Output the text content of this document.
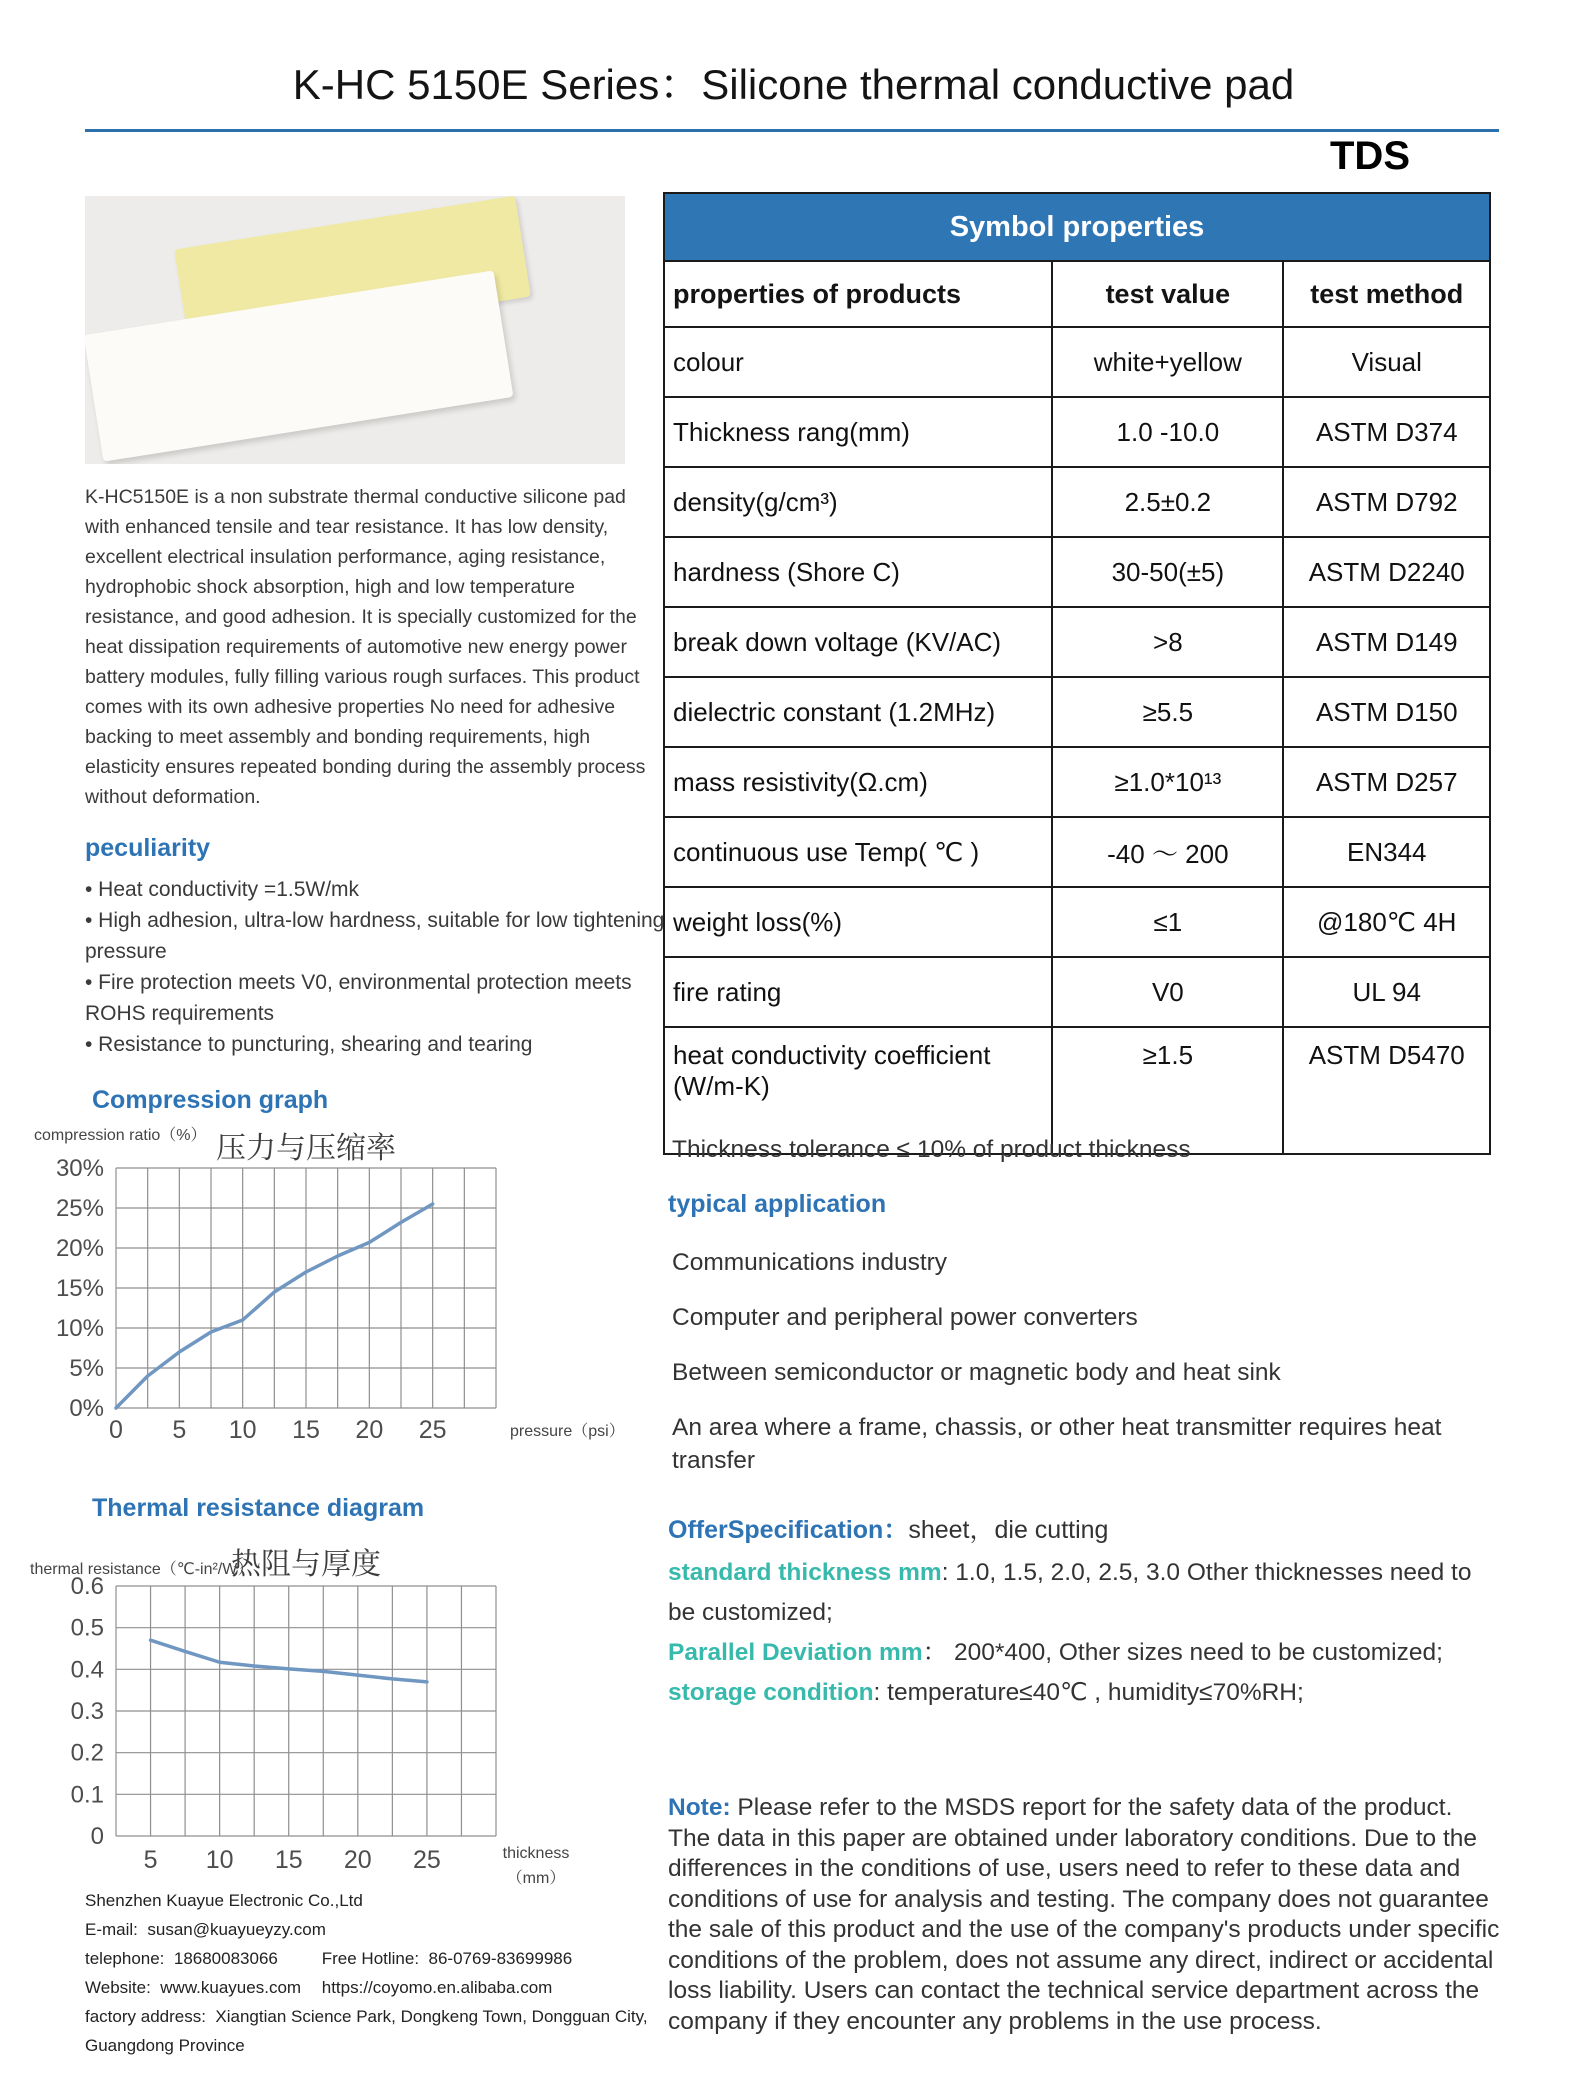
K-HC 5150E Series：Silicone thermal conductive pad
TDS

K-HC5150E is a non substrate thermal conductive silicone pad with enhanced tensile and tear resistance. It has low density, excellent electrical insulation performance, aging resistance, hydrophobic shock absorption, high and low temperature resistance, and good adhesion. It is specially customized for the heat dissipation requirements of automotive new energy power battery modules, fully filling various rough surfaces. This product comes with its own adhesive properties No need for adhesive backing to meet assembly and bonding requirements, high elasticity ensures repeated bonding during the assembly process without deformation.

peculiarity

• Heat conductivity =1.5W/mk

• High adhesion, ultra-low hardness, suitable for low tightening pressure

• Fire protection meets V0, environmental protection meets ROHS requirements

• Resistance to puncturing, shearing and tearing

Compression graph
0 5 10 15 20 25
0%
5%
10%
15%
20%
25%
30%
压力与压缩率
compression ratio（%）
pressure（psi）
Thermal resistance diagram
5 10 15 20 25
0
0.1
0.2
0.3
0.4
0.5
0.6
热阻与厚度
thermal resistance（℃-in²/W）
thickness
（mm）
Shenzhen Kuayue Electronic Co.,Ltd
E-mail: susan@kuayueyzy.com
telephone: 18680083066	Free Hotline: 86-0769-83699986
Website: www.kuayues.com https://coyomo.en.alibaba.com
factory address: Xiangtian Science Park, Dongkeng Town, Dongguan City, Guangdong Province
Symbol properties		
properties of products	test value	test method
colour	white+yellow	Visual
Thickness rang(mm)	1.0 -10.0	ASTM D374
density(g/cm³)	2.5±0.2	ASTM D792
hardness (Shore C)	30-50(±5)	ASTM D2240
break down voltage (KV/AC)	>8	ASTM D149
dielectric constant (1.2MHz)	≥5.5	ASTM D150
mass resistivity(Ω.cm)	≥1.0*10¹³	ASTM D257
continuous use Temp( ℃ )	-40 ～ 200	EN344
weight loss(%)	≤1	@180℃ 4H
fire rating	V0	UL 94
heat conductivity coefficient (W/m-K)	≥1.5	ASTM D5470

Thickness tolerance ≤ 10% of product thickness

typical application

Communications industry

Computer and peripheral power converters

Between semiconductor or magnetic body and heat sink

An area where a frame, chassis, or other heat transmitter requires heat transfer

OfferSpecification：sheet，die cutting

standard thickness mm: 1.0, 1.5, 2.0, 2.5, 3.0 Other thicknesses need to be customized;

Parallel Deviation mm： 200*400, Other sizes need to be customized;

storage condition: temperature≤40℃ , humidity≤70%RH;

Note: Please refer to the MSDS report for the safety data of the product. The data in this paper are obtained under laboratory conditions. Due to the differences in the conditions of use, users need to refer to these data and conditions of use for analysis and testing. The company does not guarantee the sale of this product and the use of the company's products under specific conditions of the problem, does not assume any direct, indirect or accidental loss liability. Users can contact the technical service department across the company if they encounter any problems in the use process.
